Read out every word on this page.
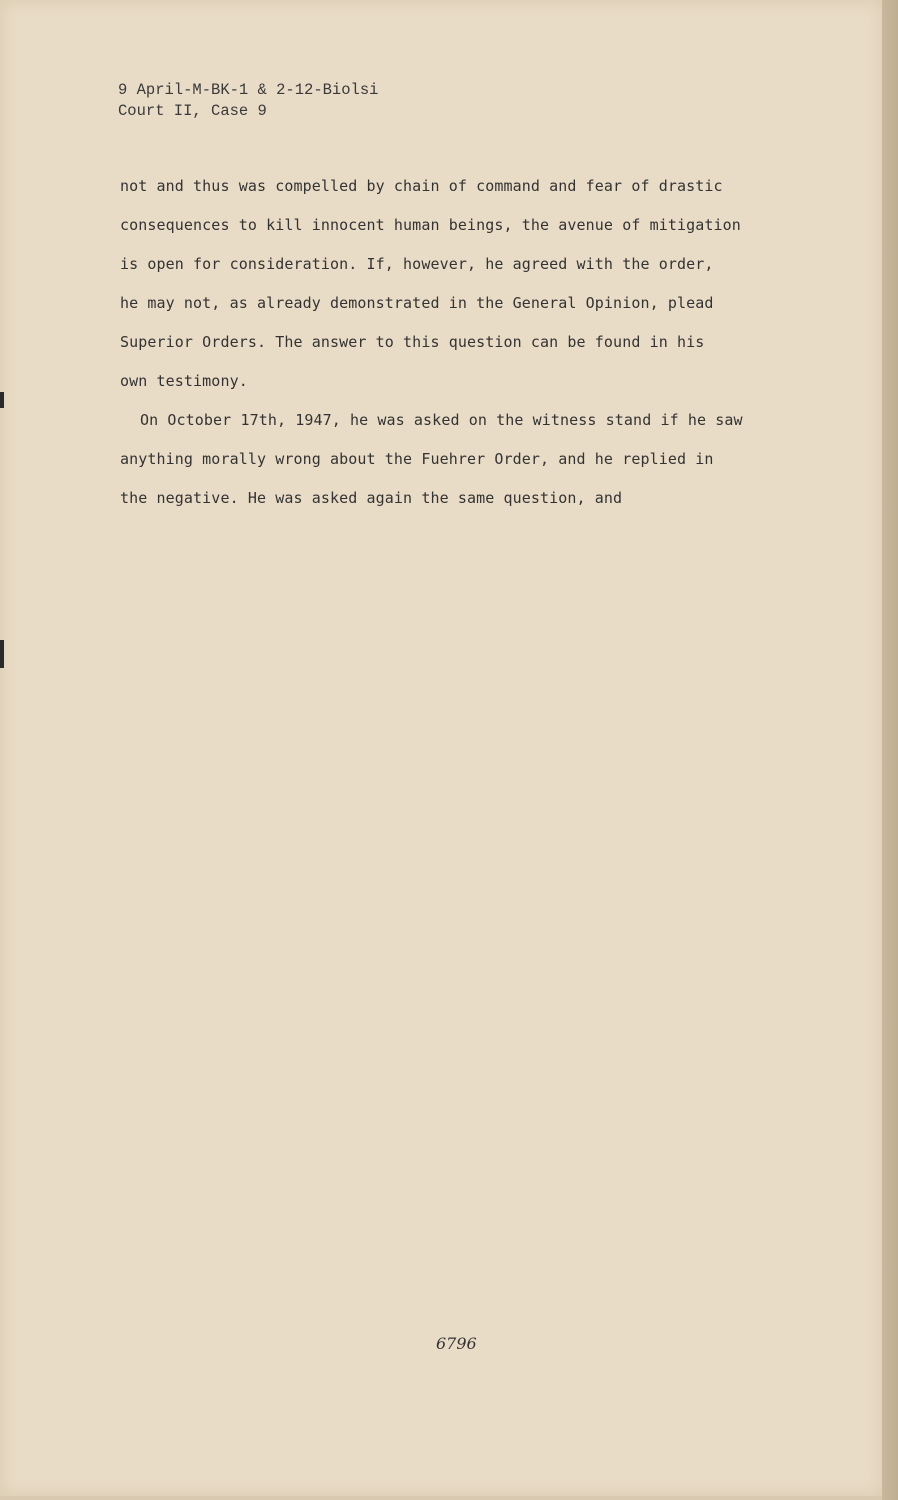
9 April-M-BK-1 & 2-12-Biolsi
Court II, Case 9
not and thus was compelled by chain of command and fear of drastic
consequences to kill innocent human beings, the avenue of mitigation
is open for consideration. If, however, he agreed with the order,
he may not, as already demonstrated in the General Opinion, plead
Superior Orders. The answer to this question can be found in his
own testimony.
On October 17th, 1947, he was asked on the witness stand if he saw
anything morally wrong about the Fuehrer Order, and he replied in
the negative. He was asked again the same question, and
6796
